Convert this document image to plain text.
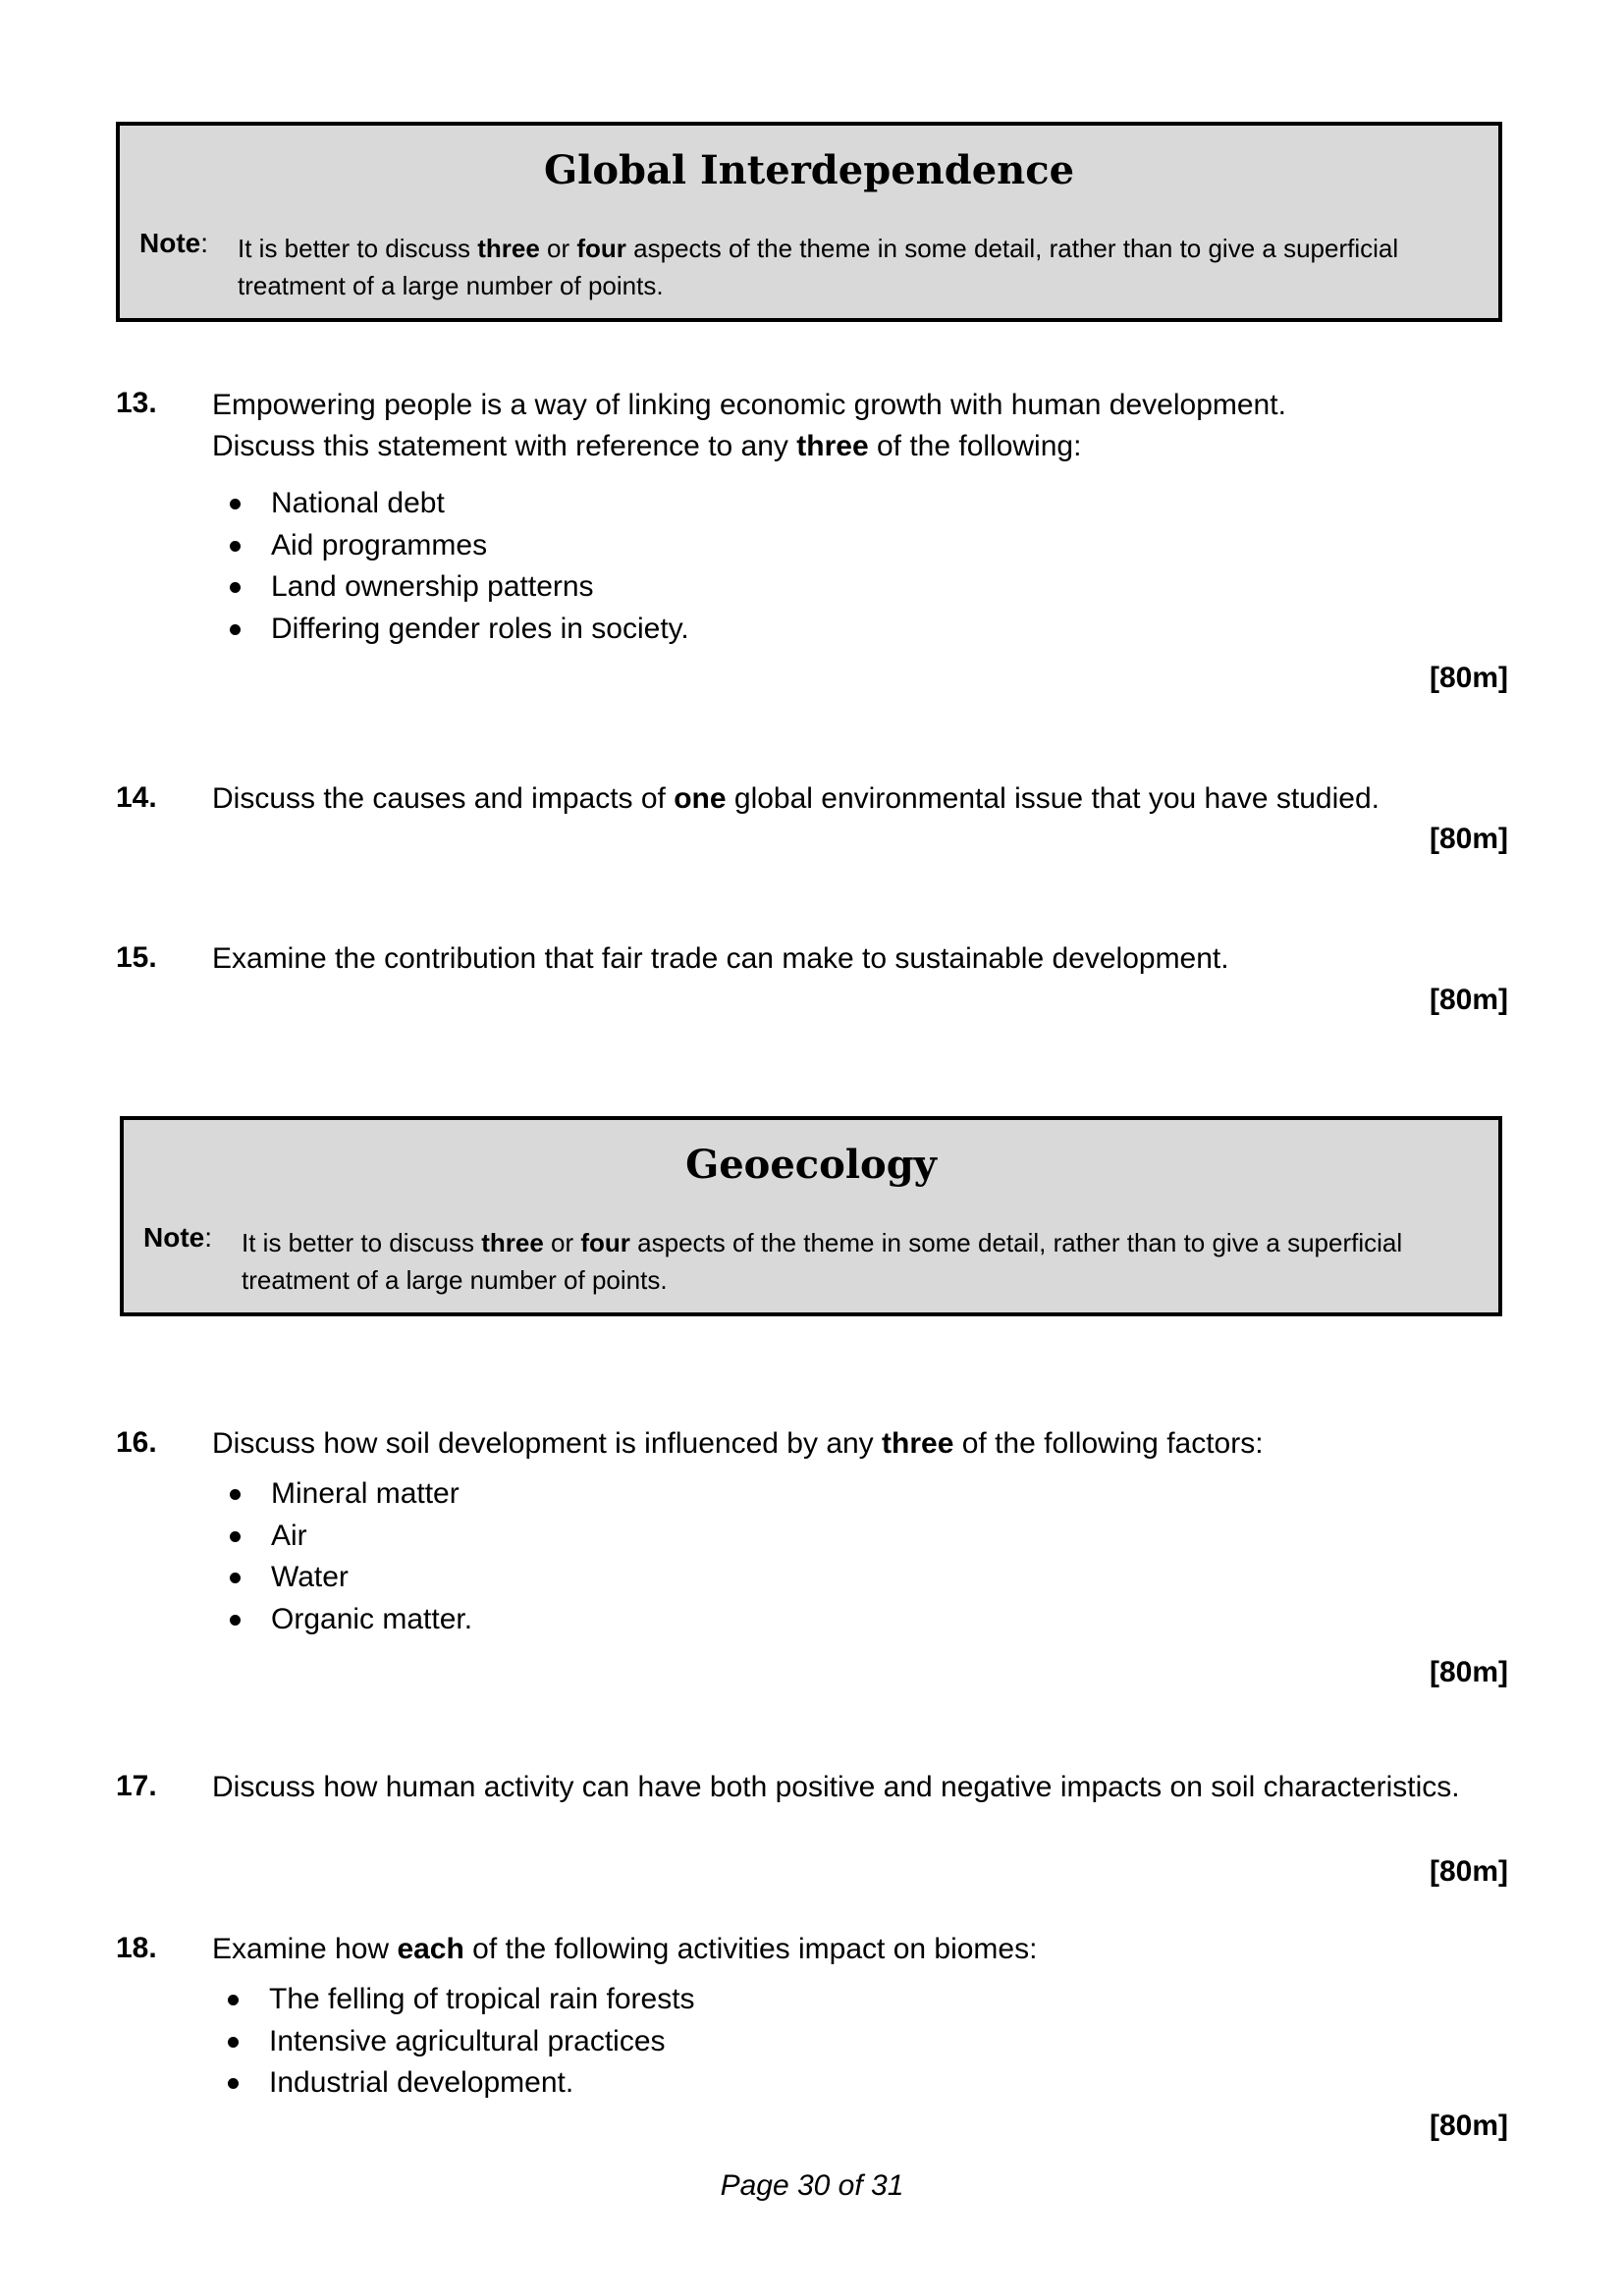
Global Interdependence
Note: It is better to discuss three or four aspects of the theme in some detail, rather than to give a superficial treatment of a large number of points.
13. Empowering people is a way of linking economic growth with human development.
Discuss this statement with reference to any three of the following:
National debt
Aid programmes
Land ownership patterns
Differing gender roles in society.
[80m]
14. Discuss the causes and impacts of one global environmental issue that you have studied.
[80m]
15. Examine the contribution that fair trade can make to sustainable development.
[80m]
Geoecology
Note: It is better to discuss three or four aspects of the theme in some detail, rather than to give a superficial treatment of a large number of points.
16. Discuss how soil development is influenced by any three of the following factors:
Mineral matter
Air
Water
Organic matter.
[80m]
17. Discuss how human activity can have both positive and negative impacts on soil characteristics.
[80m]
18. Examine how each of the following activities impact on biomes:
The felling of tropical rain forests
Intensive agricultural practices
Industrial development.
[80m]
Page 30 of 31
